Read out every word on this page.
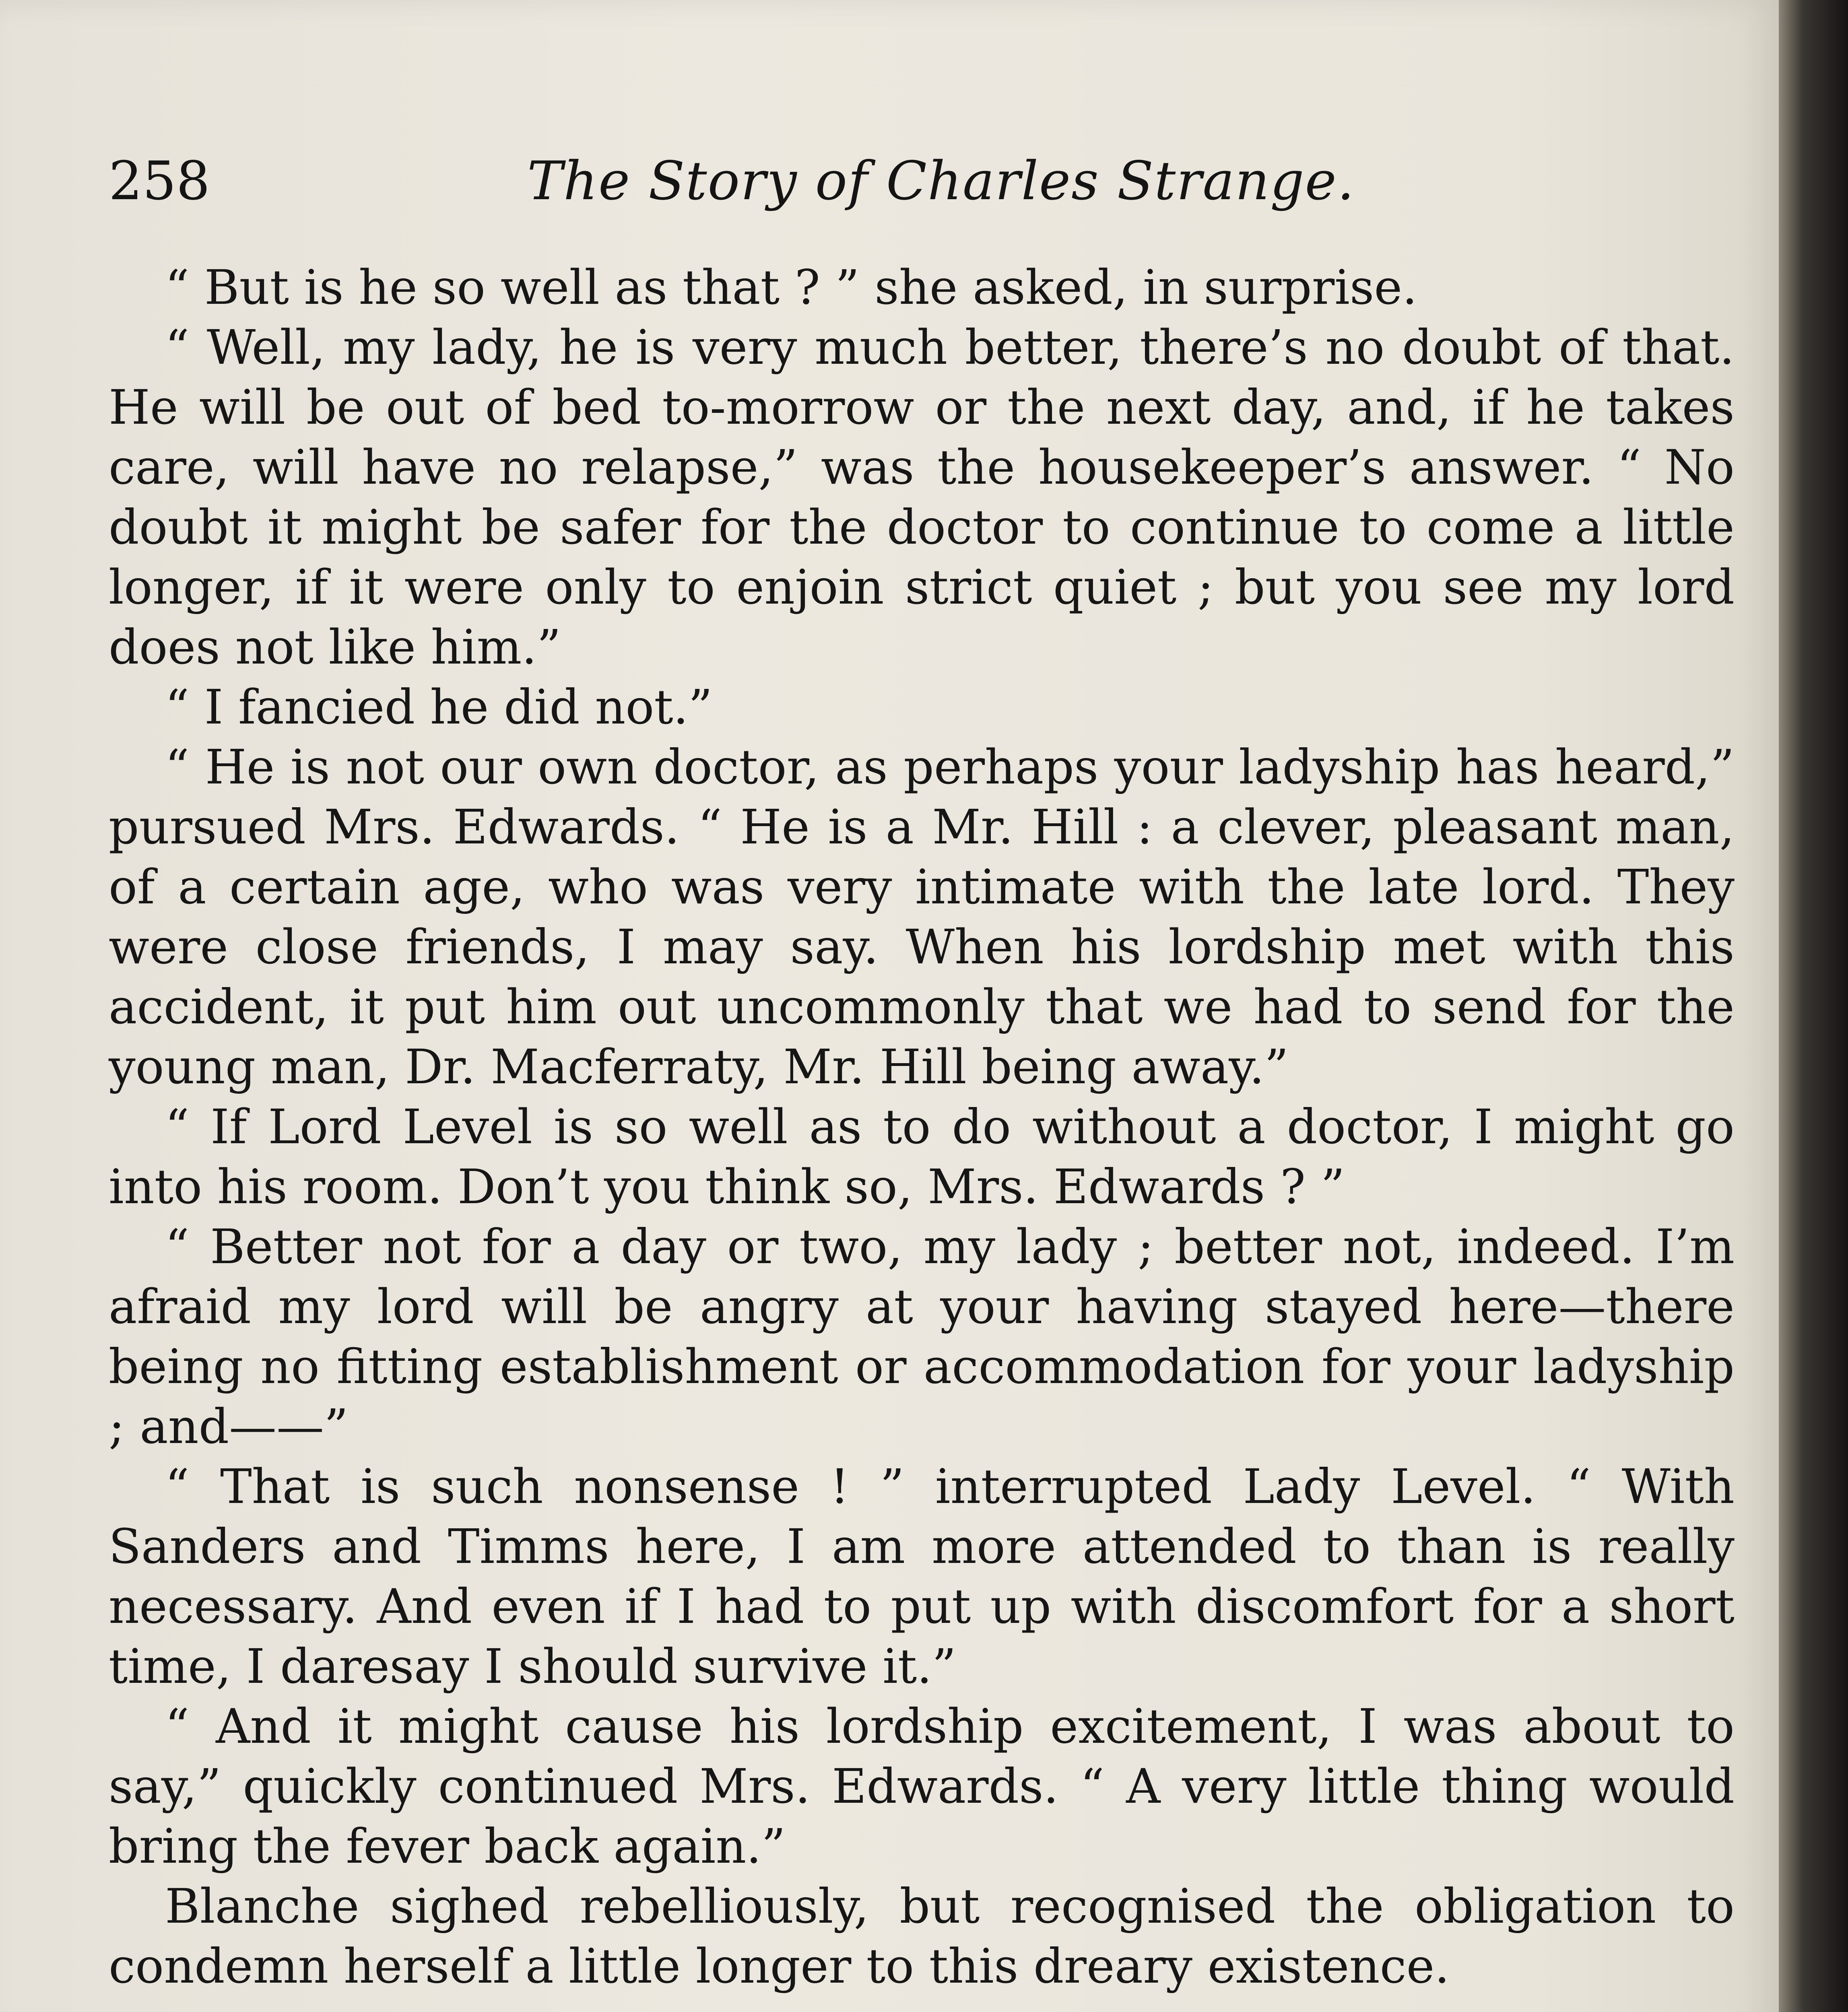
258	The Story of Charles Strange.

“ But is he so well as that ? ” she asked, in surprise.

“ Well, my lady, he is very much better, there’s no doubt of that. He will be out of bed to-morrow or the next day, and, if he takes care, will have no relapse,” was the housekeeper’s answer. “ No doubt it might be safer for the doctor to continue to come a little longer, if it were only to enjoin strict quiet ; but you see my lord does not like him.”

“ I fancied he did not.”

“ He is not our own doctor, as perhaps your ladyship has heard,” pursued Mrs. Edwards. “ He is a Mr. Hill : a clever, pleasant man, of a certain age, who was very intimate with the late lord. They were close friends, I may say. When his lordship met with this accident, it put him out uncommonly that we had to send for the young man, Dr. Macferraty, Mr. Hill being away.”

“ If Lord Level is so well as to do without a doctor, I might go into his room. Don’t you think so, Mrs. Edwards ? ”

“ Better not for a day or two, my lady ; better not, indeed. I’m afraid my lord will be angry at your having stayed here—there being no fitting establishment or accommodation for your ladyship ; and——”

“ That is such nonsense ! ” interrupted Lady Level. “ With Sanders and Timms here, I am more attended to than is really necessary. And even if I had to put up with discomfort for a short time, I daresay I should survive it.”

“ And it might cause his lordship excitement, I was about to say,” quickly continued Mrs. Edwards. “ A very little thing would bring the fever back again.”

Blanche sighed rebelliously, but recognised the obligation to condemn herself a little longer to this dreary existence.
